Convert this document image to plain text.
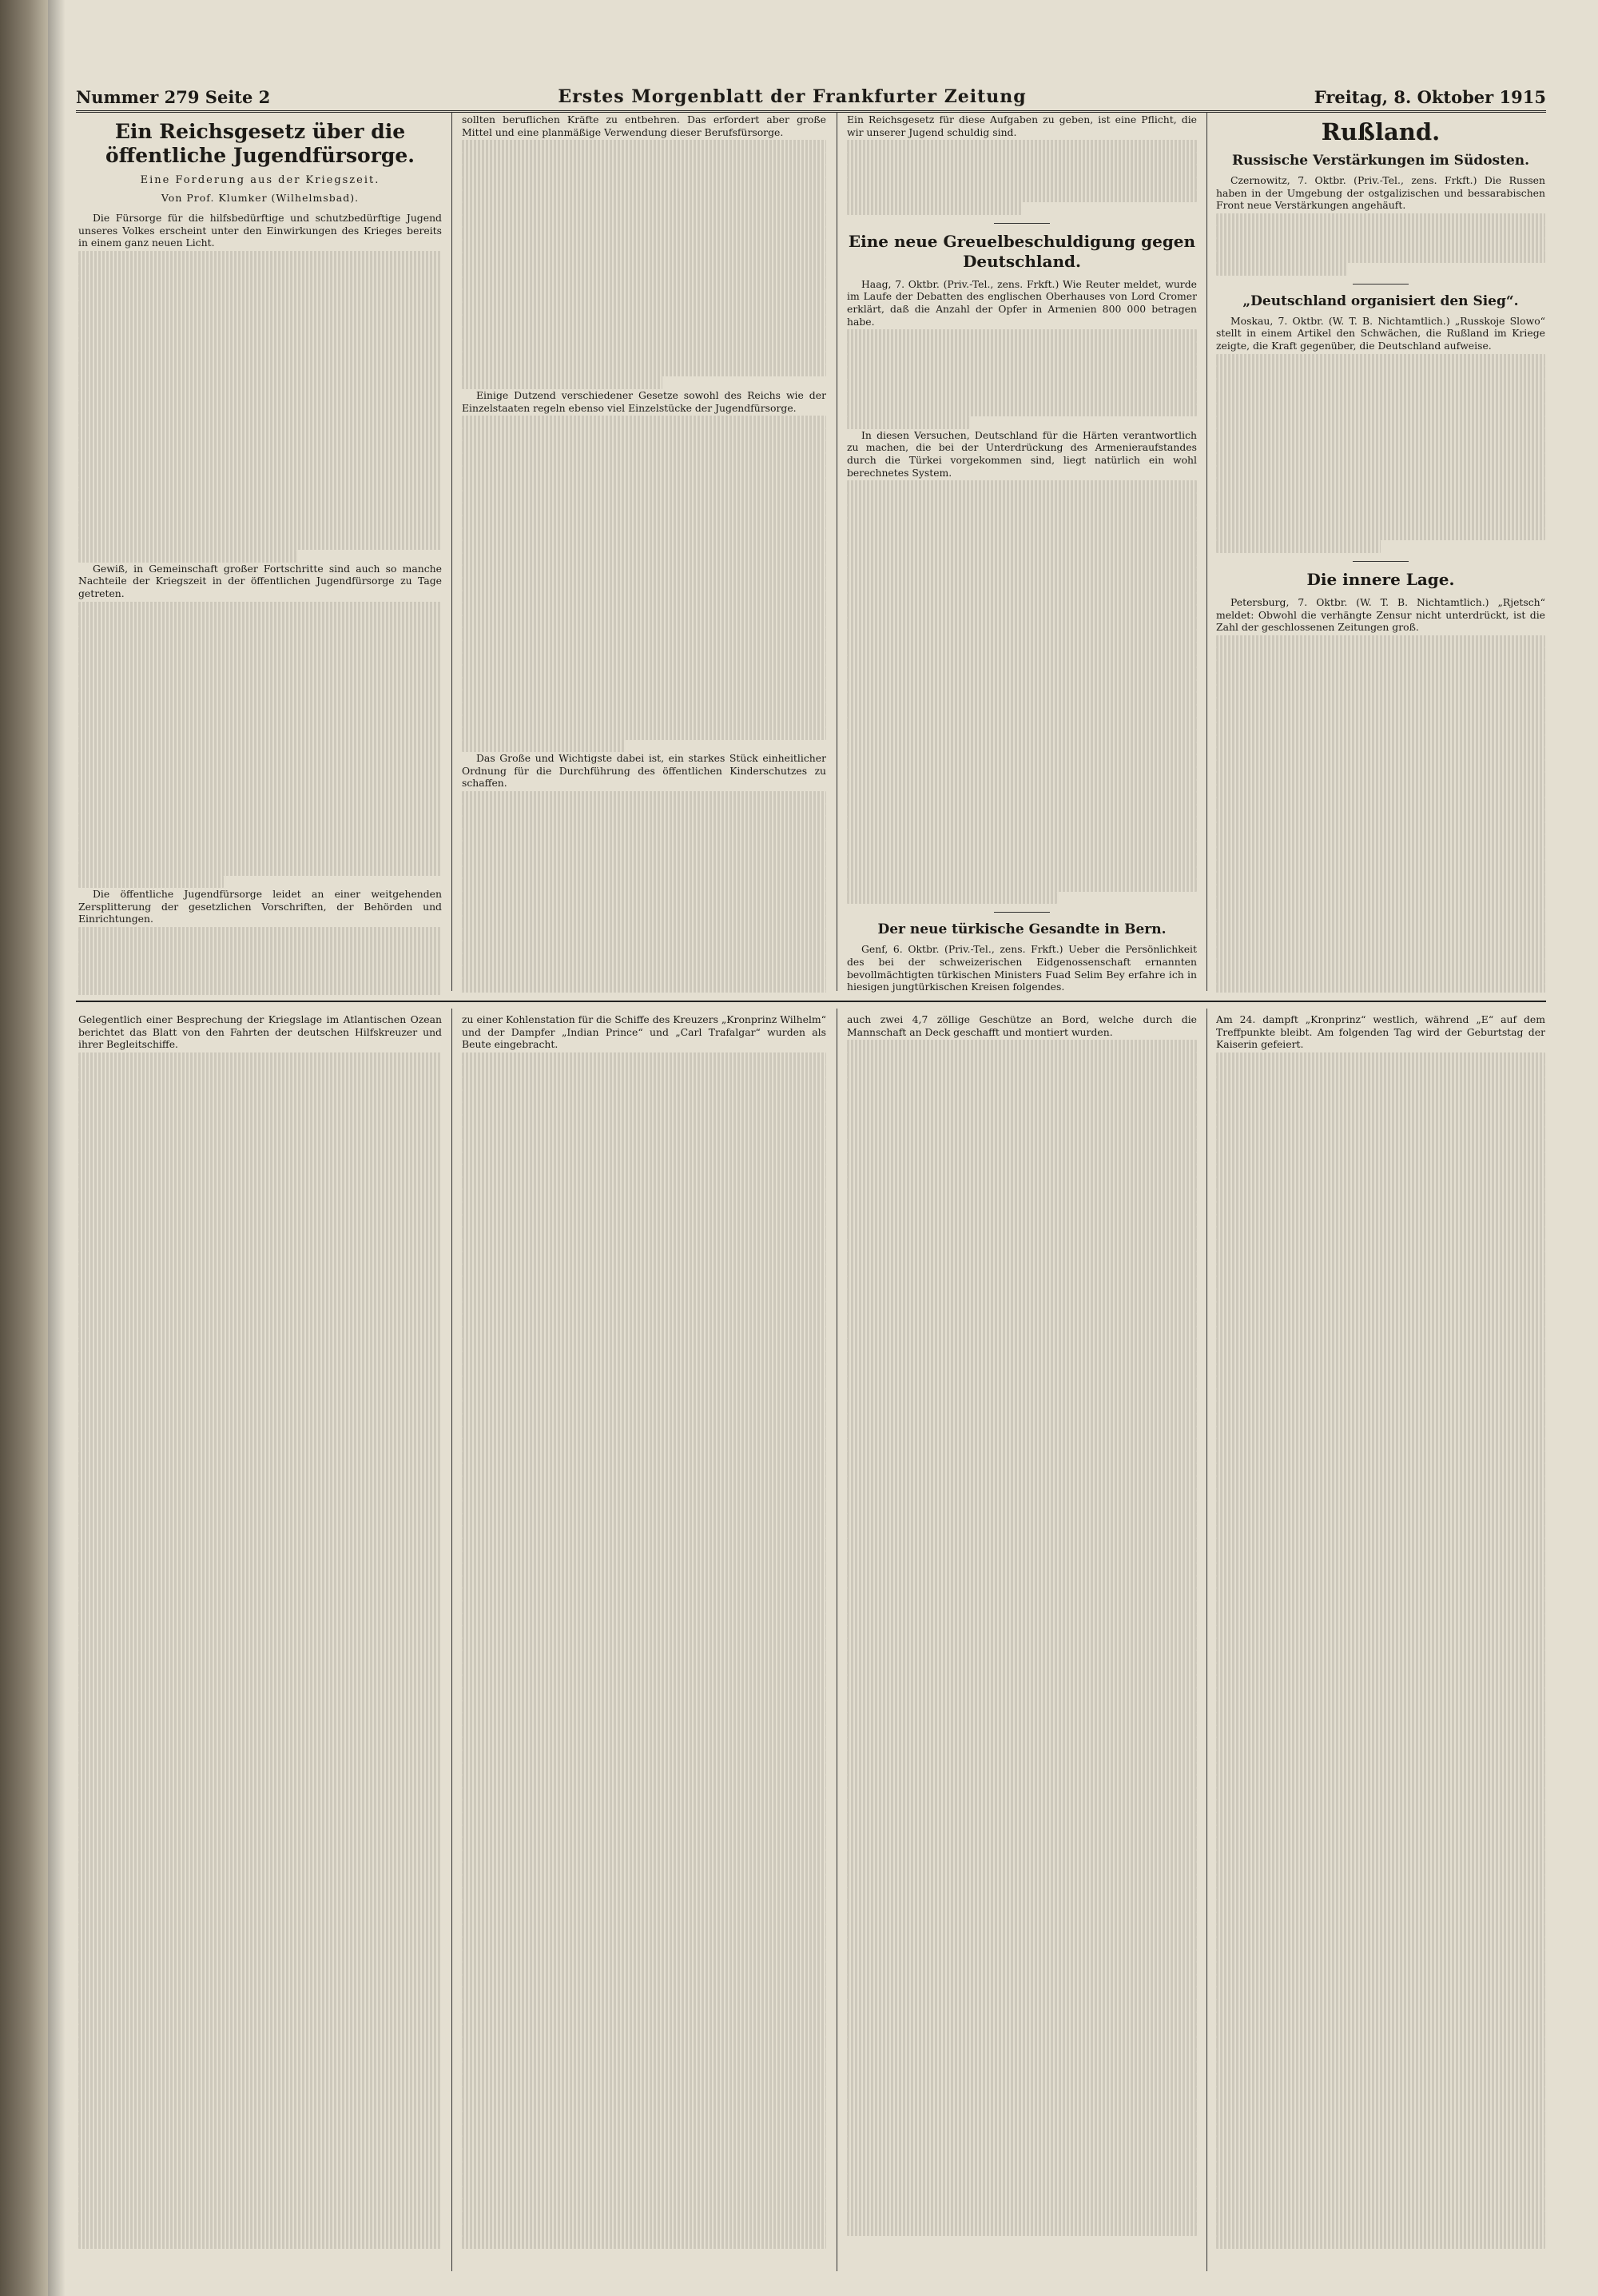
Nummer 279 Seite 2	Erstes Morgenblatt der Frankfurter Zeitung	Freitag, 8. Oktober 1915
Ein Reichsgesetz über die öffentliche Jugendfürsorge.
Eine Forderung aus der Kriegszeit.
Von Prof. Klumker (Wilhelmsbad).

Die Fürsorge für die hilfsbedürftige und schutzbedürftige Jugend unseres Volkes erscheint unter den Einwirkungen des Krieges bereits in einem ganz neuen Licht.

Gewiß, in Gemeinschaft großer Fortschritte sind auch so manche Nachteile der Kriegszeit in der öffentlichen Jugendfürsorge zu Tage getreten.

Die öffentliche Jugendfürsorge leidet an einer weitgehenden Zersplitterung der gesetzlichen Vorschriften, der Behörden und Einrichtungen.

sollten beruflichen Kräfte zu entbehren. Das erfordert aber große Mittel und eine planmäßige Verwendung dieser Berufsfürsorge.

Einige Dutzend verschiedener Gesetze sowohl des Reichs wie der Einzelstaaten regeln ebenso viel Einzelstücke der Jugendfürsorge.

Das Große und Wichtigste dabei ist, ein starkes Stück einheitlicher Ordnung für die Durchführung des öffentlichen Kinderschutzes zu schaffen.

Ein Reichsgesetz für diese Aufgaben zu geben, ist eine Pflicht, die wir unserer Jugend schuldig sind.

Eine neue Greuelbeschuldigung gegen Deutschland.

Haag, 7. Oktbr. (Priv.-Tel., zens. Frkft.) Wie Reuter meldet, wurde im Laufe der Debatten des englischen Oberhauses von Lord Cromer erklärt, daß die Anzahl der Opfer in Armenien 800 000 betragen habe.

In diesen Versuchen, Deutschland für die Härten verantwortlich zu machen, die bei der Unterdrückung des Armenieraufstandes durch die Türkei vorgekommen sind, liegt natürlich ein wohl berechnetes System.

Der neue türkische Gesandte in Bern.

Genf, 6. Oktbr. (Priv.-Tel., zens. Frkft.) Ueber die Persönlichkeit des bei der schweizerischen Eidgenossenschaft ernannten bevollmächtigten türkischen Ministers Fuad Selim Bey erfahre ich in hiesigen jungtürkischen Kreisen folgendes.

Rußland.
Russische Verstärkungen im Südosten.

Czernowitz, 7. Oktbr. (Priv.-Tel., zens. Frkft.) Die Russen haben in der Umgebung der ostgalizischen und bessarabischen Front neue Verstärkungen angehäuft.

„Deutschland organisiert den Sieg“.

Moskau, 7. Oktbr. (W. T. B. Nichtamtlich.) „Russkoje Slowo“ stellt in einem Artikel den Schwächen, die Rußland im Kriege zeigte, die Kraft gegenüber, die Deutschland aufweise.

Die innere Lage.

Petersburg, 7. Oktbr. (W. T. B. Nichtamtlich.) „Rjetsch“ meldet: Obwohl die verhängte Zensur nicht unterdrückt, ist die Zahl der geschlossenen Zeitungen groß.

Gelegentlich einer Besprechung der Kriegslage im Atlantischen Ozean berichtet das Blatt von den Fahrten der deutschen Hilfskreuzer und ihrer Begleitschiffe.

zu einer Kohlenstation für die Schiffe des Kreuzers „Kronprinz Wilhelm“ und der Dampfer „Indian Prince“ und „Carl Trafalgar“ wurden als Beute eingebracht.

auch zwei 4,7 zöllige Geschütze an Bord, welche durch die Mannschaft an Deck geschafft und montiert wurden.

Am 24. dampft „Kronprinz“ westlich, während „E“ auf dem Treffpunkte bleibt. Am folgenden Tag wird der Geburtstag der Kaiserin gefeiert.
